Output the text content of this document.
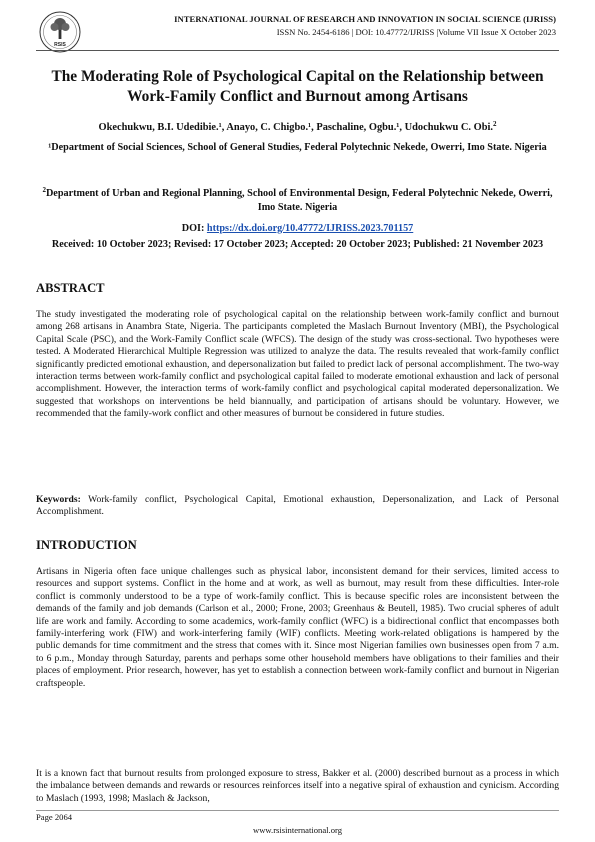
RSIS
INTERNATIONAL JOURNAL OF RESEARCH AND INNOVATION IN SOCIAL SCIENCE (IJRISS)
ISSN No. 2454-6186 | DOI: 10.47772/IJRISS |Volume VII Issue X October 2023
The Moderating Role of Psychological Capital on the Relationship between Work-Family Conflict and Burnout among Artisans
Okechukwu, B.I. Udedibie.¹, Anayo, C. Chigbo.¹, Paschaline, Ogbu.¹, Udochukwu C. Obi.$^2$
¹Department of Social Sciences, School of General Studies, Federal Polytechnic Nekede, Owerri, Imo State. Nigeria
$^2$Department of Urban and Regional Planning, School of Environmental Design, Federal Polytechnic Nekede, Owerri, Imo State. Nigeria
DOI: https://dx.doi.org/10.47772/IJRISS.2023.701157
Received: 10 October 2023; Revised: 17 October 2023; Accepted: 20 October 2023; Published: 21 November 2023
ABSTRACT
The study investigated the moderating role of psychological capital on the relationship between work-family conflict and burnout among 268 artisans in Anambra State, Nigeria. The participants completed the Maslach Burnout Inventory (MBI), the Psychological Capital Scale (PSC), and the Work-Family Conflict scale (WFCS). The design of the study was cross-sectional. Two hypotheses were tested. A Moderated Hierarchical Multiple Regression was utilized to analyze the data. The results revealed that work-family conflict significantly predicted emotional exhaustion, and depersonalization but failed to predict lack of personal accomplishment. The two-way interaction terms between work-family conflict and psychological capital failed to moderate emotional exhaustion and lack of personal accomplishment. However, the interaction terms of work-family conflict and psychological capital moderated depersonalization. We suggested that workshops on interventions be held biannually, and participation of artisans should be voluntary. However, we recommended that the family-work conflict and other measures of burnout be considered in future studies.
Keywords: Work-family conflict, Psychological Capital, Emotional exhaustion, Depersonalization, and Lack of Personal Accomplishment.
INTRODUCTION
Artisans in Nigeria often face unique challenges such as physical labor, inconsistent demand for their services, limited access to resources and support systems. Conflict in the home and at work, as well as burnout, may result from these difficulties. Inter-role conflict is commonly understood to be a type of work-family conflict. This is because specific roles are inconsistent between the demands of the family and job demands (Carlson et al., 2000; Frone, 2003; Greenhaus & Beutell, 1985). Two crucial spheres of adult life are work and family. According to some academics, work-family conflict (WFC) is a bidirectional conflict that encompasses both family-interfering work (FIW) and work-interfering family (WIF) conflicts. Meeting work-related obligations is hampered by the public demands for time commitment and the stress that comes with it. Since most Nigerian families own businesses open from 7 a.m. to 6 p.m., Monday through Saturday, parents and perhaps some other household members have obligations to their families and their places of employment. Prior research, however, has yet to establish a connection between work-family conflict and burnout in Nigerian craftspeople.
It is a known fact that burnout results from prolonged exposure to stress, Bakker et al. (2000) described burnout as a process in which the imbalance between demands and rewards or resources reinforces itself into a negative spiral of exhaustion and cynicism. According to Maslach (1993, 1998; Maslach & Jackson,
Page 2064
www.rsisinternational.org
